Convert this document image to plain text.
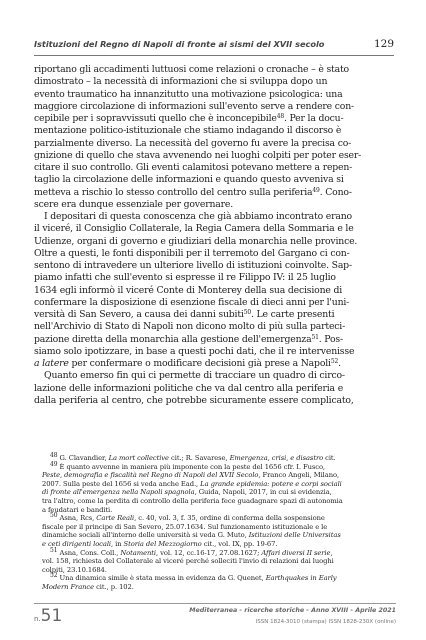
Istituzioni del Regno di Napoli di fronte ai sismi del XVII secolo	129
riportano gli accadimenti luttuosi come relazioni o cronache – è stato
dimostrato – la necessità di informazioni che si sviluppa dopo un
evento traumatico ha innanzitutto una motivazione psicologica: una
maggiore circolazione di informazioni sull'evento serve a rendere con-
cepibile per i sopravvissuti quello che è inconcepibile$^{48}$. Per la docu-
mentazione politico-istituzionale che stiamo indagando il discorso è
parzialmente diverso. La necessità del governo fu avere la precisa co-
gnizione di quello che stava avvenendo nei luoghi colpiti per poter eser-
citare il suo controllo. Gli eventi calamitosi potevano mettere a repen-
taglio la circolazione delle informazioni e quando questo avveniva si
metteva a rischio lo stesso controllo del centro sulla periferia$^{49}$. Cono-
scere era dunque essenziale per governare.
I depositari di questa conoscenza che già abbiamo incontrato erano
il viceré, il Consiglio Collaterale, la Regia Camera della Sommaria e le
Udienze, organi di governo e giudiziari della monarchia nelle province.
Oltre a questi, le fonti disponibili per il terremoto del Gargano ci con-
sentono di intravedere un ulteriore livello di istituzioni coinvolte. Sap-
piamo infatti che sull'evento si espresse il re Filippo IV: il 25 luglio
1634 egli informò il viceré Conte di Monterey della sua decisione di
confermare la disposizione di esenzione fiscale di dieci anni per l'uni-
versità di San Severo, a causa dei danni subiti$^{50}$. Le carte presenti
nell'Archivio di Stato di Napoli non dicono molto di più sulla parteci-
pazione diretta della monarchia alla gestione dell'emergenza$^{51}$. Pos-
siamo solo ipotizzare, in base a questi pochi dati, che il re intervenisse
a latere per confermare o modificare decisioni già prese a Napoli$^{52}$.
Quanto emerso fin qui ci permette di tracciare un quadro di circo-
lazione delle informazioni politiche che va dal centro alla periferia e
dalla periferia al centro, che potrebbe sicuramente essere complicato,
$^{48}$ G. Clavandier, La mort collective cit.; R. Savarese, Emergenza, crisi, e disastro cit.
$^{49}$ È quanto avvenne in maniera più imponente con la peste del 1656 cfr. I. Fusco,
Peste, demografia e fiscalità nel Regno di Napoli del XVII Secolo, Franco Angeli, Milano,
2007. Sulla peste del 1656 si veda anche Ead., La grande epidemia: potere e corpi sociali
di fronte all'emergenza nella Napoli spagnola, Guida, Napoli, 2017, in cui si evidenzia,
tra l'altro, come la perdita di controllo della periferia fece guadagnare spazi di autonomia
a feudatari e banditi.
$^{50}$ Asna, Rcs, Carte Reali, c. 40, vol. 3, f. 35, ordine di conferma della sospensione
fiscale per il principe di San Severo, 25.07.1634. Sul funzionamento istituzionale e le
dinamiche sociali all'interno delle università si veda G. Muto, Istituzioni delle Universitas
e ceti dirigenti locali, in Storia del Mezzogiorno cit., vol. IX, pp. 19-67.
$^{51}$ Asna, Cons. Coll., Notamenti, vol. 12, cc.16-17, 27.08.1627; Affari diversi II serie,
vol. 158, richiesta del Collaterale al viceré perché solleciti l'invio di relazioni dai luoghi
colpiti, 23.10.1684.
$^{52}$ Una dinamica simile è stata messa in evidenza da G. Quenet, Earthquakes in Early
Modern France cit., p. 102.
n.51	Mediterranea - ricerche storiche - Anno XVIII - Aprile 2021
ISSN 1824-3010 (stampa) ISSN 1828-230X (online)
